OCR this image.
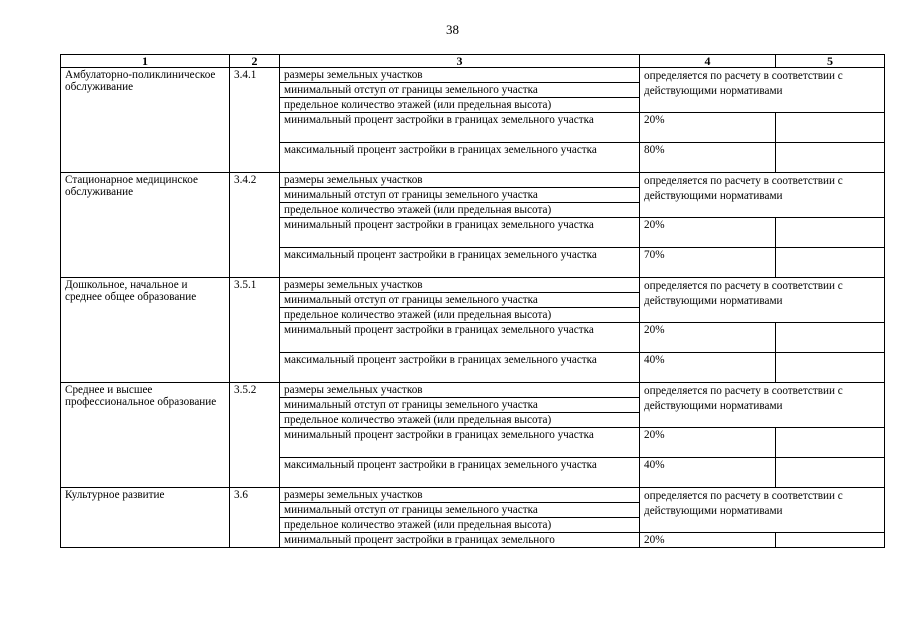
38
1	2	3	4	5
Амбулаторно-поликлиническое обслуживание	3.4.1	размеры земельных участков	определяется по расчету в соответствии с действующими нормативами	
		минимальный отступ от границы земельного участка		
		предельное количество этажей (или предельная высота)		
		минимальный процент застройки в границах земельного участка	20%	
		максимальный процент застройки в границах земельного участка	80%	
Стационарное медицинское обслуживание	3.4.2	размеры земельных участков	определяется по расчету в соответствии с действующими нормативами	
		минимальный отступ от границы земельного участка		
		предельное количество этажей (или предельная высота)		
		минимальный процент застройки в границах земельного участка	20%	
		максимальный процент застройки в границах земельного участка	70%	
Дошкольное, начальное и среднее общее образование	3.5.1	размеры земельных участков	определяется по расчету в соответствии с действующими нормативами	
		минимальный отступ от границы земельного участка		
		предельное количество этажей (или предельная высота)		
		минимальный процент застройки в границах земельного участка	20%	
		максимальный процент застройки в границах земельного участка	40%	
Среднее и высшее профессиональное образование	3.5.2	размеры земельных участков	определяется по расчету в соответствии с действующими нормативами	
		минимальный отступ от границы земельного участка		
		предельное количество этажей (или предельная высота)		
		минимальный процент застройки в границах земельного участка	20%	
		максимальный процент застройки в границах земельного участка	40%	
Культурное развитие	3.6	размеры земельных участков	определяется по расчету в соответствии с действующими нормативами	
		минимальный отступ от границы земельного участка		
		предельное количество этажей (или предельная высота)		
		минимальный процент застройки в границах земельного	20%	
